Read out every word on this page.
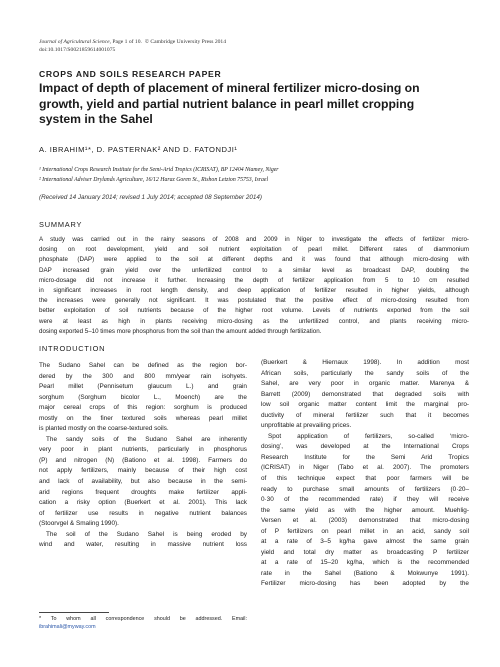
Journal of Agricultural Science, Page 1 of 10. © Cambridge University Press 2014
doi:10.1017/S0021859614001075
CROPS AND SOILS RESEARCH PAPER
Impact of depth of placement of mineral fertilizer micro-dosing on
growth, yield and partial nutrient balance in pearl millet cropping
system in the Sahel
A. IBRAHIM¹*, D. PASTERNAK² AND D. FATONDJI¹
¹ International Crops Research Institute for the Semi-Arid Tropics (ICRISAT), BP 12404 Niamey, Niger
² International Adviser Drylands Agriculture, 16/12 Haraz Goren St., Rishon Letzion 75753, Israel
(Received 14 January 2014; revised 1 July 2014; accepted 08 September 2014)
SUMMARY
A study was carried out in the rainy seasons of 2008 and 2009 in Niger to investigate the effects of fertilizer micro-
dosing on root development, yield and soil nutrient exploitation of pearl millet. Different rates of diammonium
phosphate (DAP) were applied to the soil at different depths and it was found that although micro-dosing with
DAP increased grain yield over the unfertilized control to a similar level as broadcast DAP, doubling the
micro-dosage did not increase it further. Increasing the depth of fertilizer application from 5 to 10 cm resulted
in significant increases in root length density, and deep application of fertilizer resulted in higher yields, although
the increases were generally not significant. It was postulated that the positive effect of micro-dosing resulted from
better exploitation of soil nutrients because of the higher root volume. Levels of nutrients exported from the soil
were at least as high in plants receiving micro-dosing as the unfertilized control, and plants receiving micro-
dosing exported 5–10 times more phosphorus from the soil than the amount added through fertilization.
INTRODUCTION
The Sudano Sahel can be defined as the region bor-
dered by the 300 and 800 mm/year rain isohyets.
Pearl millet (Pennisetum glaucum L.) and grain
sorghum (Sorghum bicolor L., Moench) are the
major cereal crops of this region: sorghum is produced
mostly on the finer textured soils whereas pearl millet
is planted mostly on the coarse-textured soils.
The sandy soils of the Sudano Sahel are inherently
very poor in plant nutrients, particularly in phosphorus
(P) and nitrogen (N) (Bationo et al. 1998). Farmers do
not apply fertilizers, mainly because of their high cost
and lack of availability, but also because in the semi-
arid regions frequent droughts make fertilizer appli-
cation a risky option (Buerkert et al. 2001). This lack
of fertilizer use results in negative nutrient balances
(Stoorvgel & Smaling 1990).
The soil of the Sudano Sahel is being eroded by
wind and water, resulting in massive nutrient loss
(Buerkert & Hiernaux 1998). In addition most
African soils, particularly the sandy soils of the
Sahel, are very poor in organic matter. Marenya &
Barrett (2009) demonstrated that degraded soils with
low soil organic matter content limit the marginal pro-
ductivity of mineral fertilizer such that it becomes
unprofitable at prevailing prices.
Spot application of fertilizers, so-called ‘micro-
dosing’, was developed at the International Crops
Research Institute for the Semi Arid Tropics
(ICRISAT) in Niger (Tabo et al. 2007). The promoters
of this technique expect that poor farmers will be
ready to purchase small amounts of fertilizers (0·20–
0·30 of the recommended rate) if they will receive
the same yield as with the higher amount. Muehlig-
Versen et al. (2003) demonstrated that micro-dosing
of P fertilizers on pearl millet in an acid, sandy soil
at a rate of 3–5 kg/ha gave almost the same grain
yield and total dry matter as broadcasting P fertilizer
at a rate of 15–20 kg/ha, which is the recommended
rate in the Sahel (Bationo & Mokwunye 1991).
Fertilizer micro-dosing has been adopted by the
* To whom all correspondence should be addressed. Email:
ibrahimali@myway.com
